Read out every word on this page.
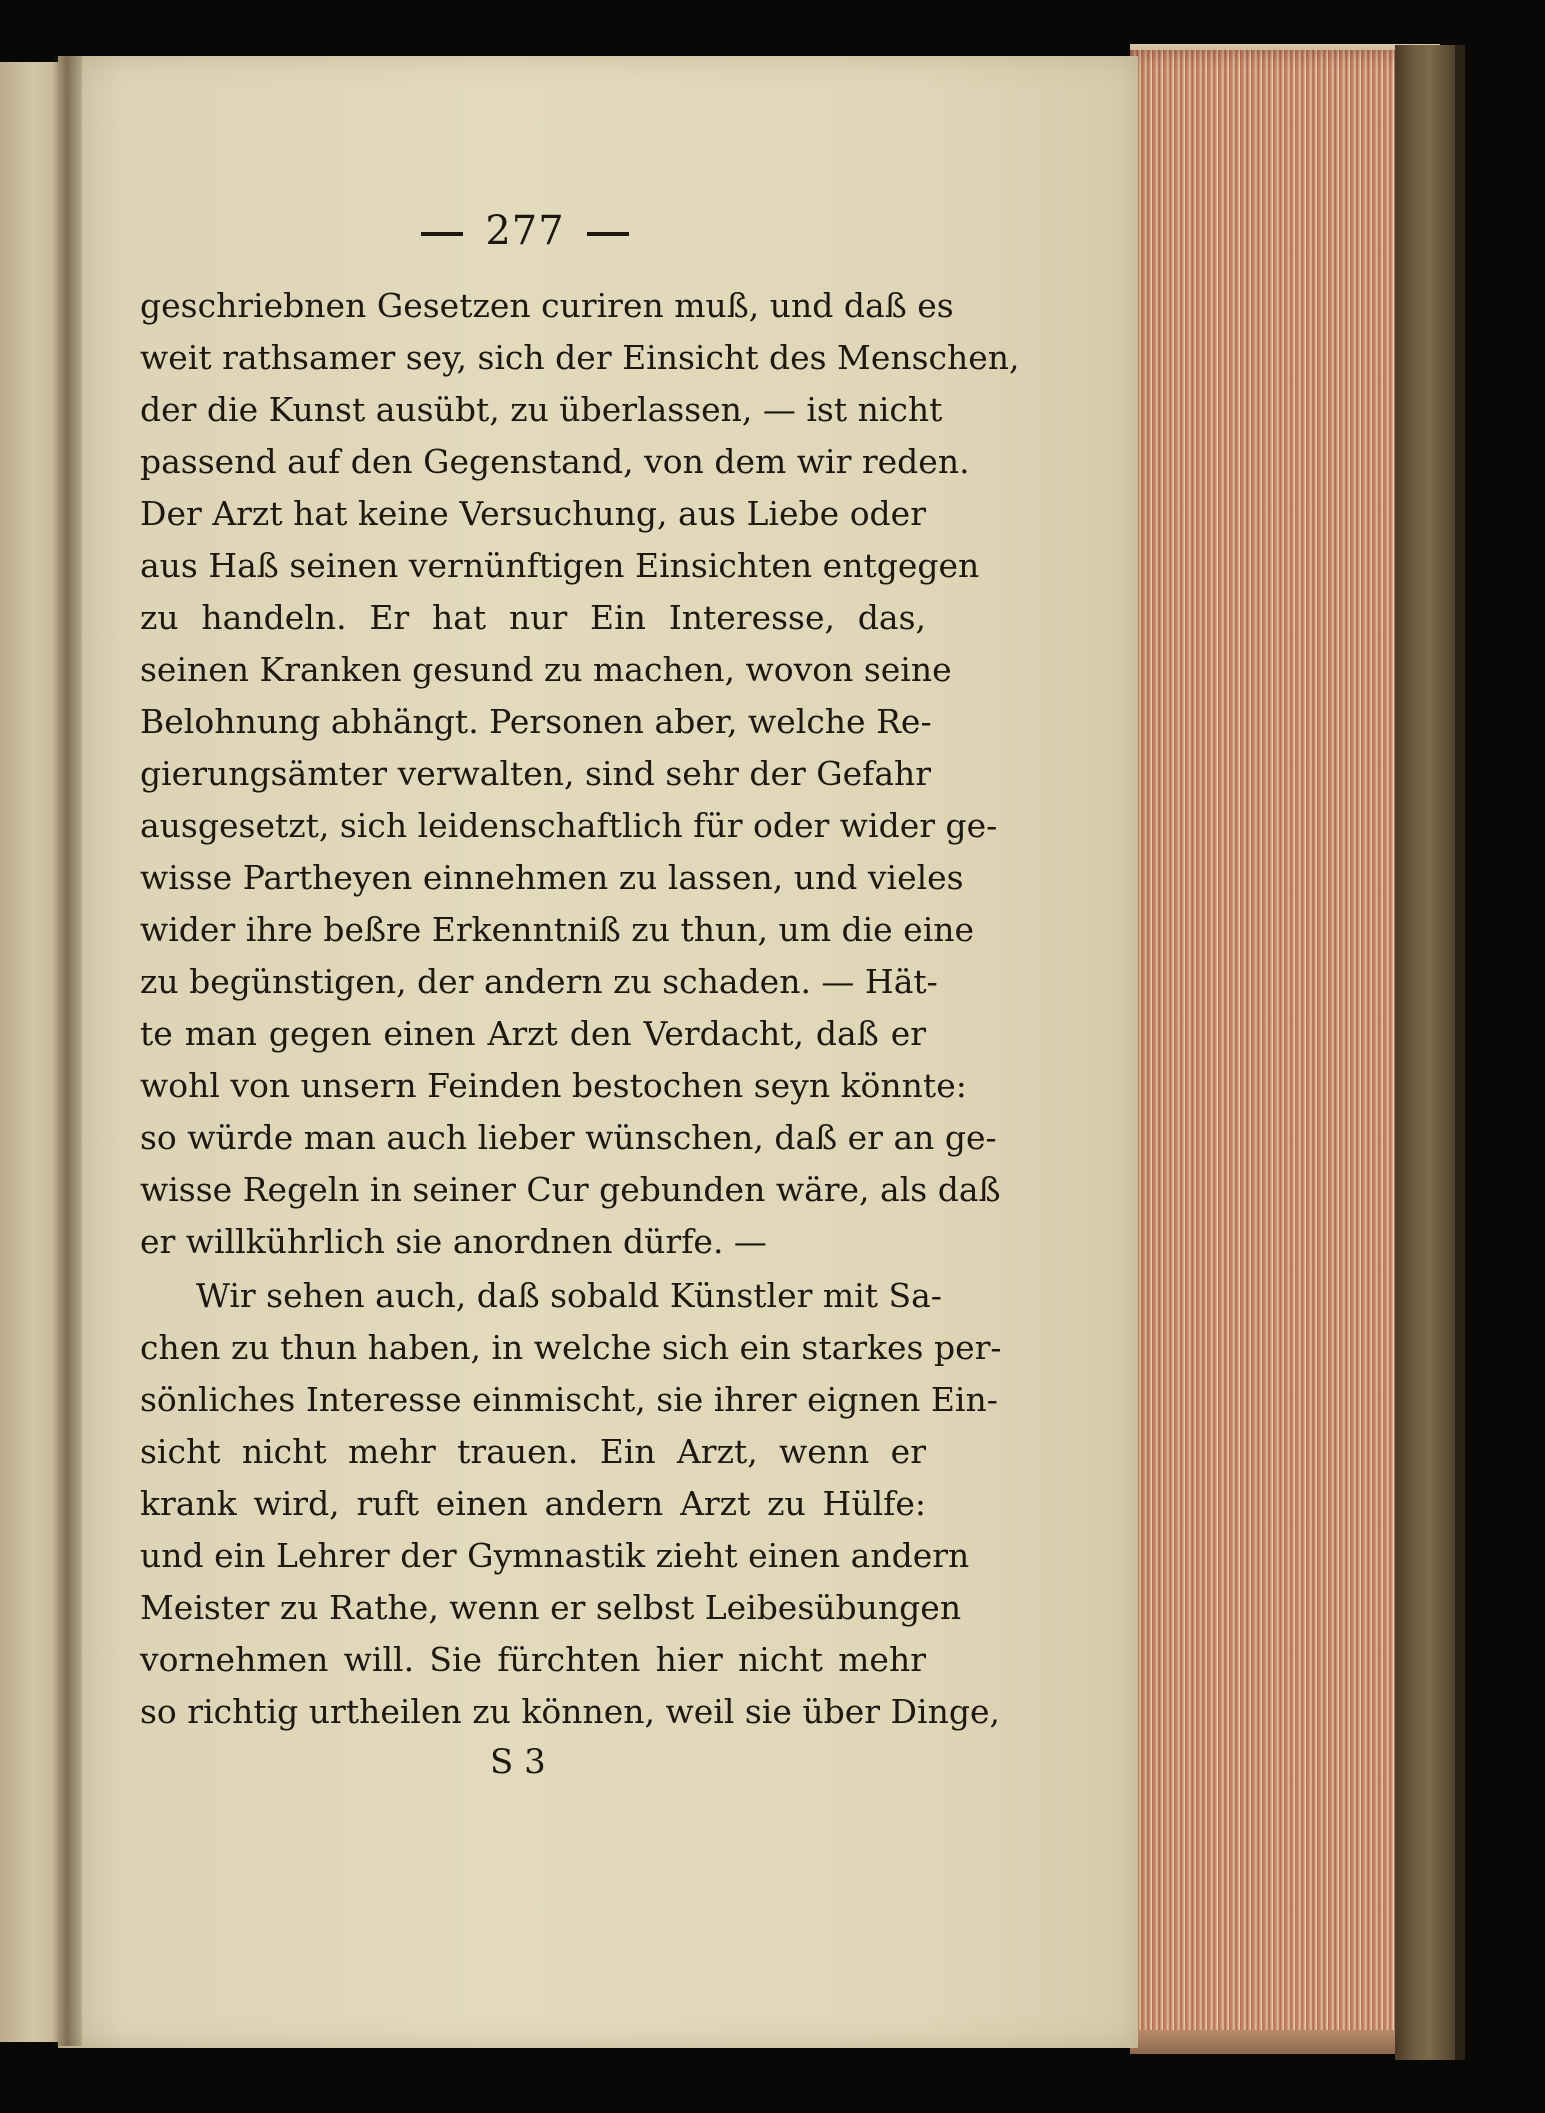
277
geschriebnen Gesetzen curiren muß, und daß es
weit rathsamer sey, sich der Einsicht des Menschen,
der die Kunst ausübt, zu überlassen, — ist nicht
passend auf den Gegenstand, von dem wir reden.
Der Arzt hat keine Versuchung, aus Liebe oder
aus Haß seinen vernünftigen Einsichten entgegen
zu handeln. Er hat nur Ein Interesse, das,
seinen Kranken gesund zu machen, wovon seine
Belohnung abhängt. Personen aber, welche Re-
gierungsämter verwalten, sind sehr der Gefahr
ausgesetzt, sich leidenschaftlich für oder wider ge-
wisse Partheyen einnehmen zu lassen, und vieles
wider ihre beßre Erkenntniß zu thun, um die eine
zu begünstigen, der andern zu schaden. — Hät-
te man gegen einen Arzt den Verdacht, daß er
wohl von unsern Feinden bestochen seyn könnte:
so würde man auch lieber wünschen, daß er an ge-
wisse Regeln in seiner Cur gebunden wäre, als daß
er willkührlich sie anordnen dürfe. —
Wir sehen auch, daß sobald Künstler mit Sa-
chen zu thun haben, in welche sich ein starkes per-
sönliches Interesse einmischt, sie ihrer eignen Ein-
sicht nicht mehr trauen. Ein Arzt, wenn er
krank wird, ruft einen andern Arzt zu Hülfe:
und ein Lehrer der Gymnastik zieht einen andern
Meister zu Rathe, wenn er selbst Leibesübungen
vornehmen will. Sie fürchten hier nicht mehr
so richtig urtheilen zu können, weil sie über Dinge,
S 3
